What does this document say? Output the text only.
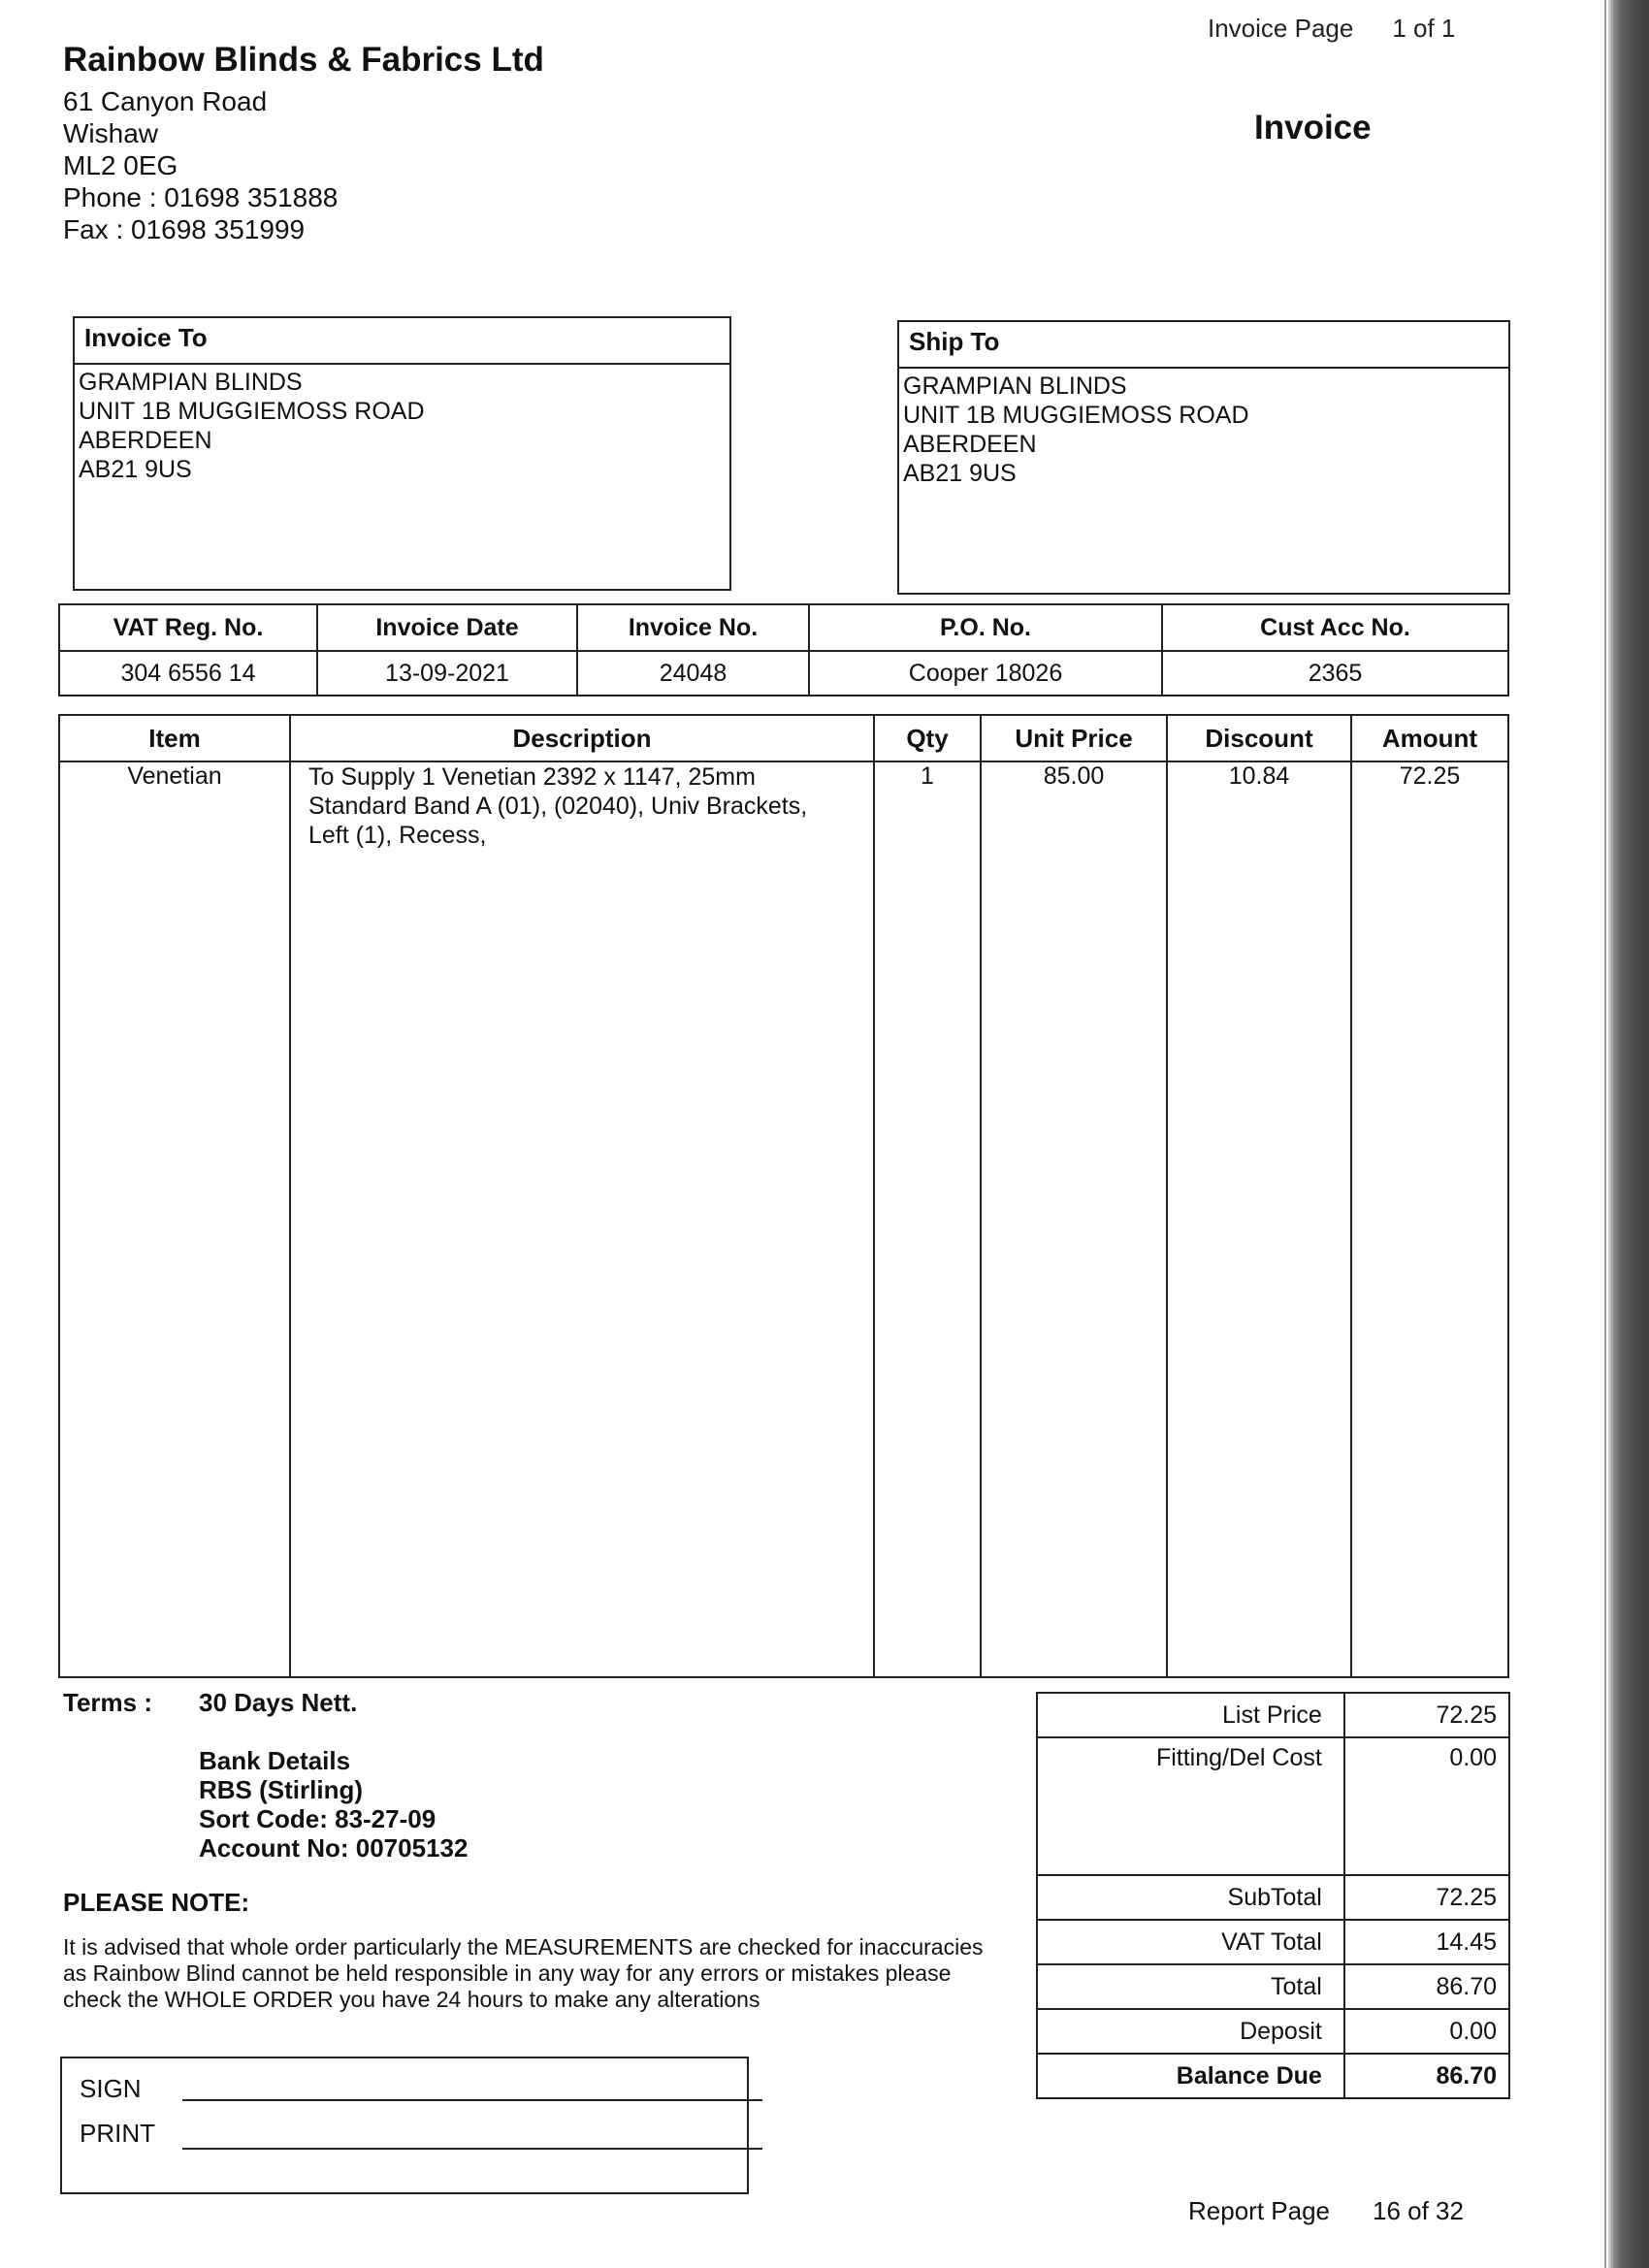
Invoice Page 1 of 1
Rainbow Blinds & Fabrics Ltd
61 Canyon Road
Wishaw
ML2 0EG
Phone : 01698 351888
Fax : 01698 351999
Invoice
Invoice To
GRAMPIAN BLINDS
UNIT 1B MUGGIEMOSS ROAD
ABERDEEN
AB21 9US
Ship To
GRAMPIAN BLINDS
UNIT 1B MUGGIEMOSS ROAD
ABERDEEN
AB21 9US
VAT Reg. No.	Invoice Date	Invoice No.	P.O. No.	Cust Acc No.
304 6556 14	13-09-2021	24048	Cooper 18026	2365
Item	Description	Qty	Unit Price	Discount	Amount
Venetian	To Supply 1 Venetian 2392 x 1147, 25mm
Standard Band A (01), (02040), Univ Brackets,
Left (1), Recess,	1	85.00	10.84	72.25
Terms : 30 Days Nett.
Bank Details
RBS (Stirling)
Sort Code: 83-27-09
Account No: 00705132
PLEASE NOTE:
It is advised that whole order particularly the MEASUREMENTS are checked for inaccuracies as Rainbow Blind cannot be held responsible in any way for any errors or mistakes please check the WHOLE ORDER you have 24 hours to make any alterations
List Price	72.25
Fitting/Del Cost	0.00
SubTotal	72.25
VAT Total	14.45
Total	86.70
Deposit	0.00
Balance Due	86.70
SIGN
PRINT
Report Page 16 of 32
